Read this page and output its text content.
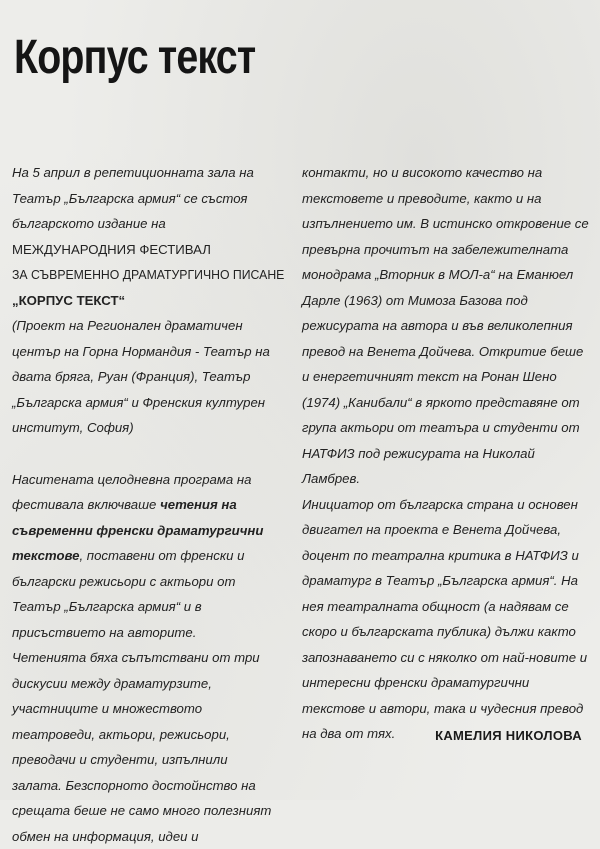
Корпус текст

На 5 април в репетиционната зала на Театър „Българска армия“ се състоя българското издание на

МЕЖДУНАРОДНИЯ ФЕСТИВАЛ

ЗА СЪВРЕМЕННО ДРАМАТУРГИЧНО ПИСАНЕ

„КОРПУС ТЕКСТ“

(Проект на Регионален драматичен център на Горна Нормандия - Театър на двата бряга, Руан (Франция), Театър „Българска армия“ и Френския културен институт, София)

Наситената целодневна програма на фестивала включваше четения на съвременни френски драматургични текстове, поставени от френски и български режисьори с актьори от Театър „Българска армия“ и в присъствието на авторите. Четенията бяха съпътствани от три дискусии между драматурзите, участниците и множеството театроведи, актьори, режисьори, преводачи и студенти, изпълнили залата. Безспорното достойнство на срещата беше не само много полезният обмен на информация, идеи и

контакти, но и високото качество на текстовете и преводите, както и на изпълнението им. В истинско откровение се превърна прочитът на забележителната монодрама „Вторник в МОЛ-а“ на Еманюел Дарле (1963) от Мимоза Базова под режисурата на автора и във великолепния превод на Венета Дойчева. Откритие беше и енергетичният текст на Ронан Шено (1974) „Канибали“ в яркото представяне от група актьори от театъра и студенти от НАТФИЗ под режисурата на Николай Ламбрев.

Инициатор от българска страна и основен двигател на проекта е Венета Дойчева, доцент по театрална критика в НАТФИЗ и драматург в Театър „Българска армия“. На нея театралната общност (а надявам се скоро и българската публика) дължи както запознаването си с няколко от най-новите и интересни френски драматургични текстове и автори, така и чудесния превод на два от тях.	КАМЕЛИЯ НИКОЛОВА
